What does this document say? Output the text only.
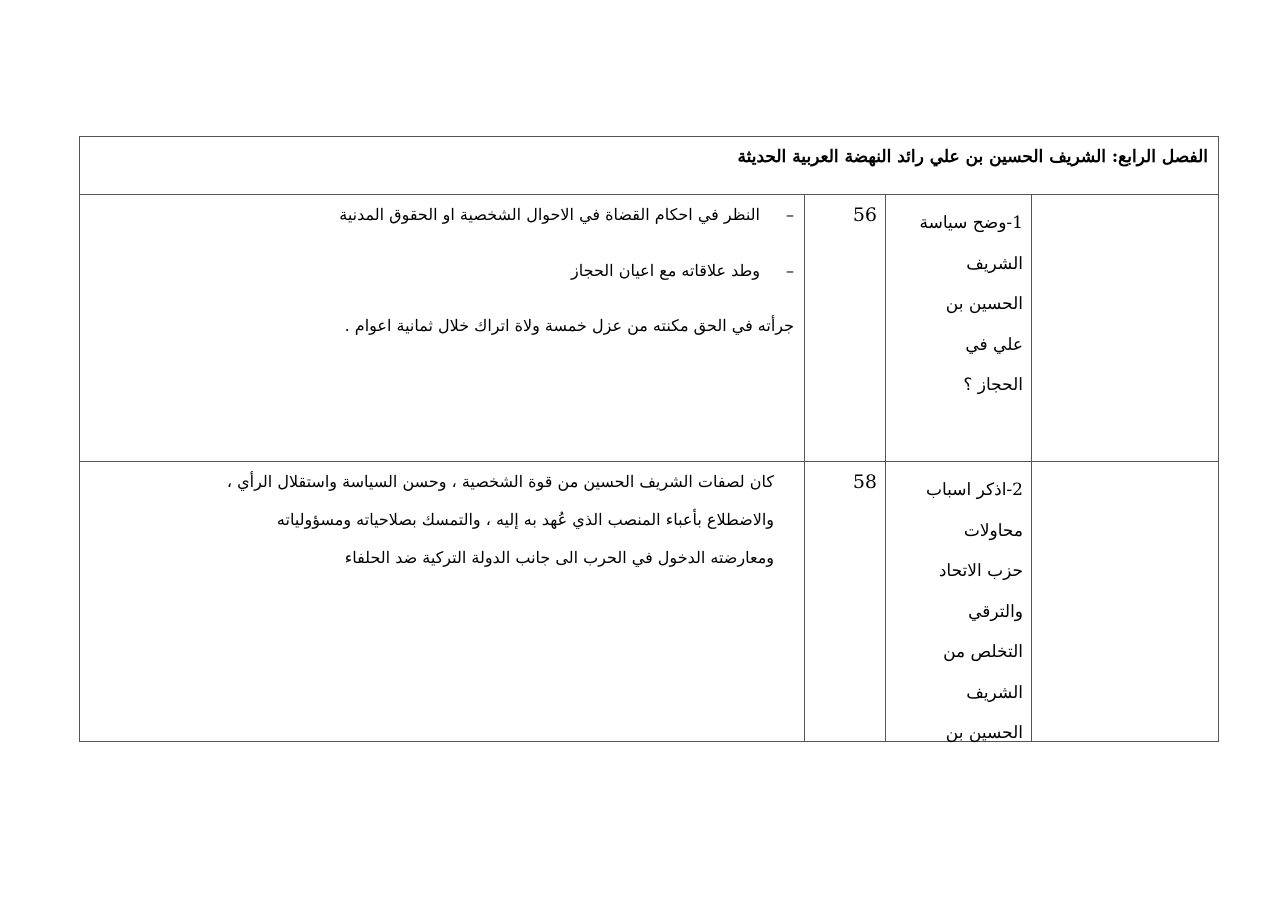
الفصل الرابع: الشريف الحسين بن علي رائد النهضة العربية الحديثة
1-وضح سياسة
الشريف
الحسين بن
علي في
الحجاز ؟
56
– النظر في احكام القضاة في الاحوال الشخصية او الحقوق المدنية
– وطد علاقاته مع اعيان الحجاز
جرأته في الحق مكنته من عزل خمسة ولاة اتراك خلال ثمانية اعوام .
2-اذكر اسباب
محاولات
حزب الاتحاد
والترقي
التخلص من
الشريف
الحسين بن
58
كان لصفات الشريف الحسين من قوة الشخصية ، وحسن السياسة واستقلال الرأي ،
والاضطلاع بأعباء المنصب الذي عُهد به إليه ، والتمسك بصلاحياته ومسؤولياته
ومعارضته الدخول في الحرب الى جانب الدولة التركية ضد الحلفاء
